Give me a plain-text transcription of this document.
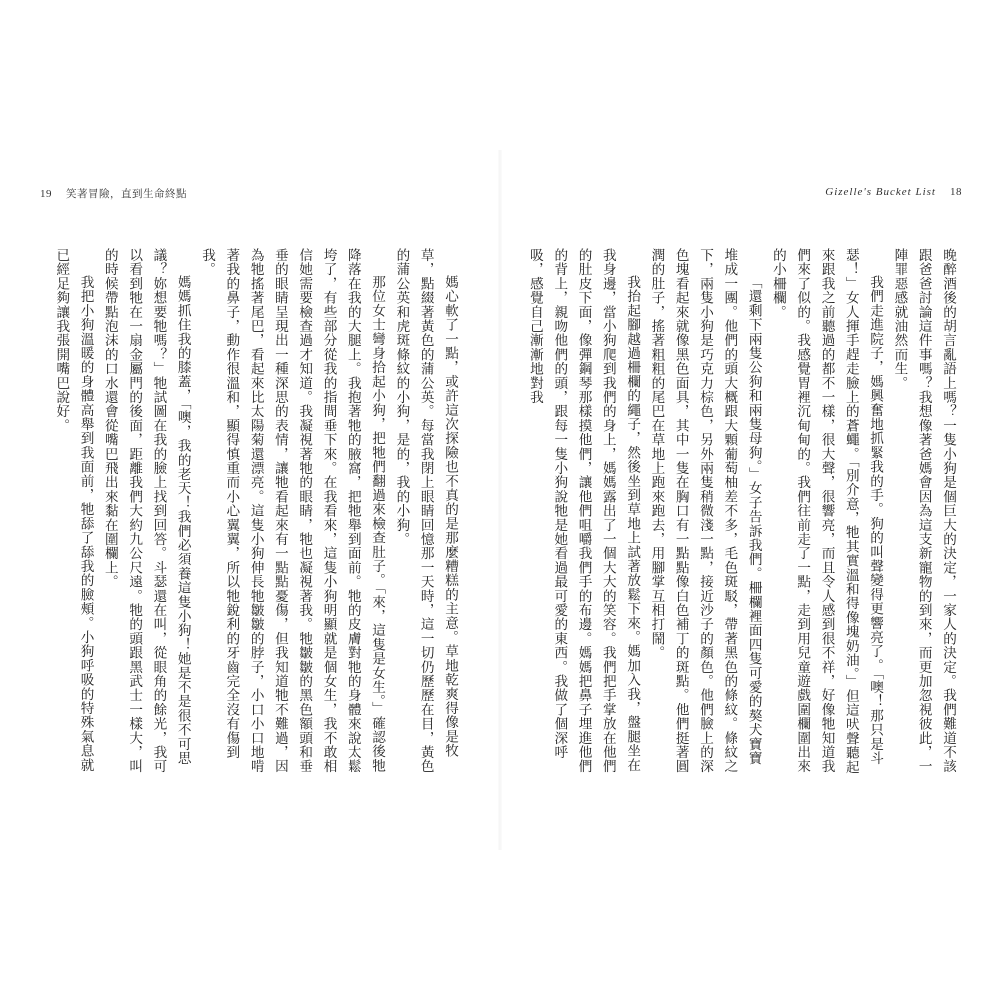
19 笑著冒險，直到生命終點

媽心軟了一點，或許這次探險也不真的是那麼糟糕的主意。草地乾爽得像是牧草，點綴著黃色的蒲公英。每當我閉上眼睛回憶那一天時，這一切仍歷歷在目，黃色的蒲公英和虎斑條紋的小狗，是的，我的小狗。

那位女士彎身拾起小狗，把牠們翻過來檢查肚子。「來，這隻是女生。」確認後牠降落在我的大腿上。我抱著牠的腋窩，把牠舉到面前。牠的皮膚對牠的身體來說太鬆垮了，有些部分從我的指間垂下來。在我看來，這隻小狗明顯就是個女生，我不敢相信她需要檢查過才知道。我凝視著牠的眼睛，牠也凝視著我。牠皺皺的黑色額頭和垂垂的眼睛呈現出一種深思的表情，讓牠看起來有一點點憂傷，但我知道牠不難過，因為牠搖著尾巴，看起來比太陽菊還漂亮。這隻小狗伸長牠皺皺的脖子，小口小口地啃著我的鼻子，動作很溫和，顯得慎重而小心翼翼，所以牠銳利的牙齒完全沒有傷到我。

媽媽抓住我的膝蓋，「噢，我的老天！我們必須養這隻小狗！她是不是很不可思議？妳想要牠嗎？」牠試圖在我的臉上找到回答。斗瑟還在叫，從眼角的餘光，我可以看到牠在一扇金屬門的後面，距離我們大約九公尺遠。牠的頭跟黑武士一樣大，叫的時候帶點泡沫的口水還會從嘴巴飛出來黏在圍欄上。

我把小狗溫暖的身體高舉到我面前，牠舔了舔我的臉頰。小狗呼吸的特殊氣息就已經足夠讓我張開嘴巴說好。

Gizelle's Bucket List 18

晚醉酒後的胡言亂語上嗎？一隻小狗是個巨大的決定，一家人的決定。我們難道不該跟爸爸討論這件事嗎？我想像著爸媽會因為這支新寵物的到來，而更加忽視彼此，一陣罪惡感就油然而生。

我們走進院子，媽興奮地抓緊我的手。狗的叫聲變得更響亮了。「噢！那只是斗瑟！」女人揮手趕走臉上的蒼蠅。「別介意，牠其實溫和得像塊奶油。」但這吠聲聽起來跟我之前聽過的都不一樣，很大聲，很響亮，而且令人感到很不祥，好像牠知道我們來了似的。我感覺胃裡沉甸甸的。我們往前走了一點，走到用兒童遊戲圍欄圍出來的小柵欄。

「還剩下兩隻公狗和兩隻母狗。」女子告訴我們。柵欄裡面四隻可愛的獒犬寶寶堆成一團。他們的頭大概跟大顆葡萄柚差不多，毛色斑駁，帶著黑色的條紋。條紋之下，兩隻小狗是巧克力棕色，另外兩隻稍微淺一點，接近沙子的顏色。他們臉上的深色塊看起來就像黑色面具，其中一隻在胸口有一點點像白色補丁的斑點。他們挺著圓潤的肚子，搖著粗粗的尾巴在草地上跑來跑去，用腳掌互相打鬧。

我抬起腳越過柵欄的繩子，然後坐到草地上試著放鬆下來。媽加入我，盤腿坐在我身邊，當小狗爬到我們的身上，媽媽露出了一個大大的笑容。我們把手掌放在他們的肚皮下面，像彈鋼琴那樣摸他們，讓他們咀嚼我們手的布邊。媽媽把鼻子埋進他們的背上，親吻他們的頭，跟每一隻小狗說牠是她看過最可愛的東西。我做了個深呼吸，感覺自己漸漸地對我
